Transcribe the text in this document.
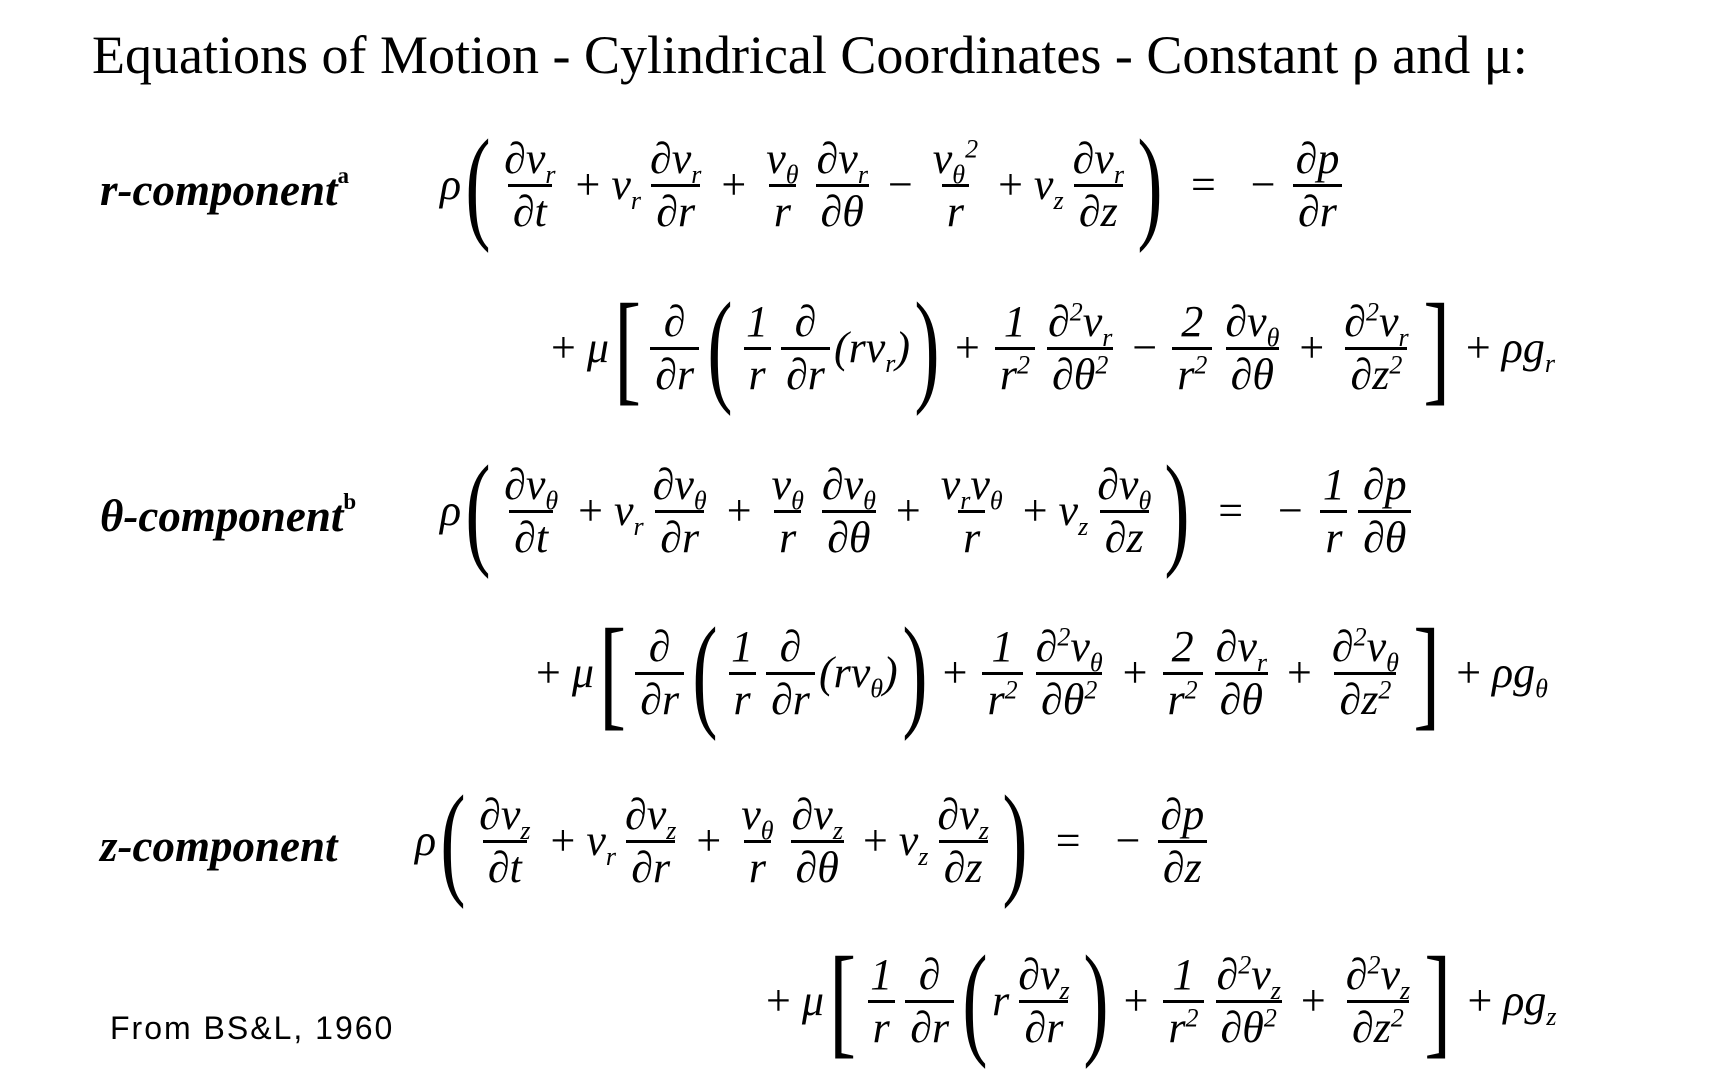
Equations of Motion - Cylindrical Coordinates - Constant ρ and μ:
r-component$^a$
θ-component$^b$
z-component
From BS&L, 1960
ρ ( $\frac{\partial v_r}{\partial t} + v_r \frac{\partial v_r}{\partial r} + \frac{v_\theta}{r} \frac{\partial v_r}{\partial\theta} - \frac{v_\theta^2}{r} + v_z \frac{\partial v_r}{\partial z}$ ) = − $\frac{\partial p}{\partial r}$
+ μ [ $\frac{\partial}{\partial r}$ ( $\frac{1}{r} \frac{\partial}{\partial r} (rv_r)$ ) + $\frac{1}{r^2} \frac{\partial^2v_r}{\partial\theta^2} - \frac{2}{r^2} \frac{\partial v_\theta}{\partial\theta} + \frac{\partial^2v_r}{\partial z^2}$ ] + $\rho g_r$
ρ ( $\frac{\partial v_\theta}{\partial t} + v_r \frac{\partial v_\theta}{\partial r} + \frac{v_\theta}{r} \frac{\partial v_\theta}{\partial\theta} + \frac{v_rv_\theta}{r} + v_z \frac{\partial v_\theta}{\partial z}$ ) = − $\frac{1}{r} \frac{\partial p}{\partial\theta}$
+ μ [ $\frac{\partial}{\partial r}$ ( $\frac{1}{r} \frac{\partial}{\partial r} (rv_\theta)$ ) + $\frac{1}{r^2} \frac{\partial^2v_\theta}{\partial\theta^2} + \frac{2}{r^2} \frac{\partial v_r}{\partial\theta} + \frac{\partial^2v_\theta}{\partial z^2}$ ] + $\rho g_\theta$
ρ ( $\frac{\partial v_z}{\partial t} + v_r \frac{\partial v_z}{\partial r} + \frac{v_\theta}{r} \frac{\partial v_z}{\partial\theta} + v_z \frac{\partial v_z}{\partial z}$ ) = − $\frac{\partial p}{\partial z}$
+ μ [ $\frac{1}{r} \frac{\partial}{\partial r}$ ( r $\frac{\partial v_z}{\partial r}$ ) + $\frac{1}{r^2} \frac{\partial^2v_z}{\partial\theta^2} + \frac{\partial^2v_z}{\partial z^2}$ ] + $\rho g_z$
